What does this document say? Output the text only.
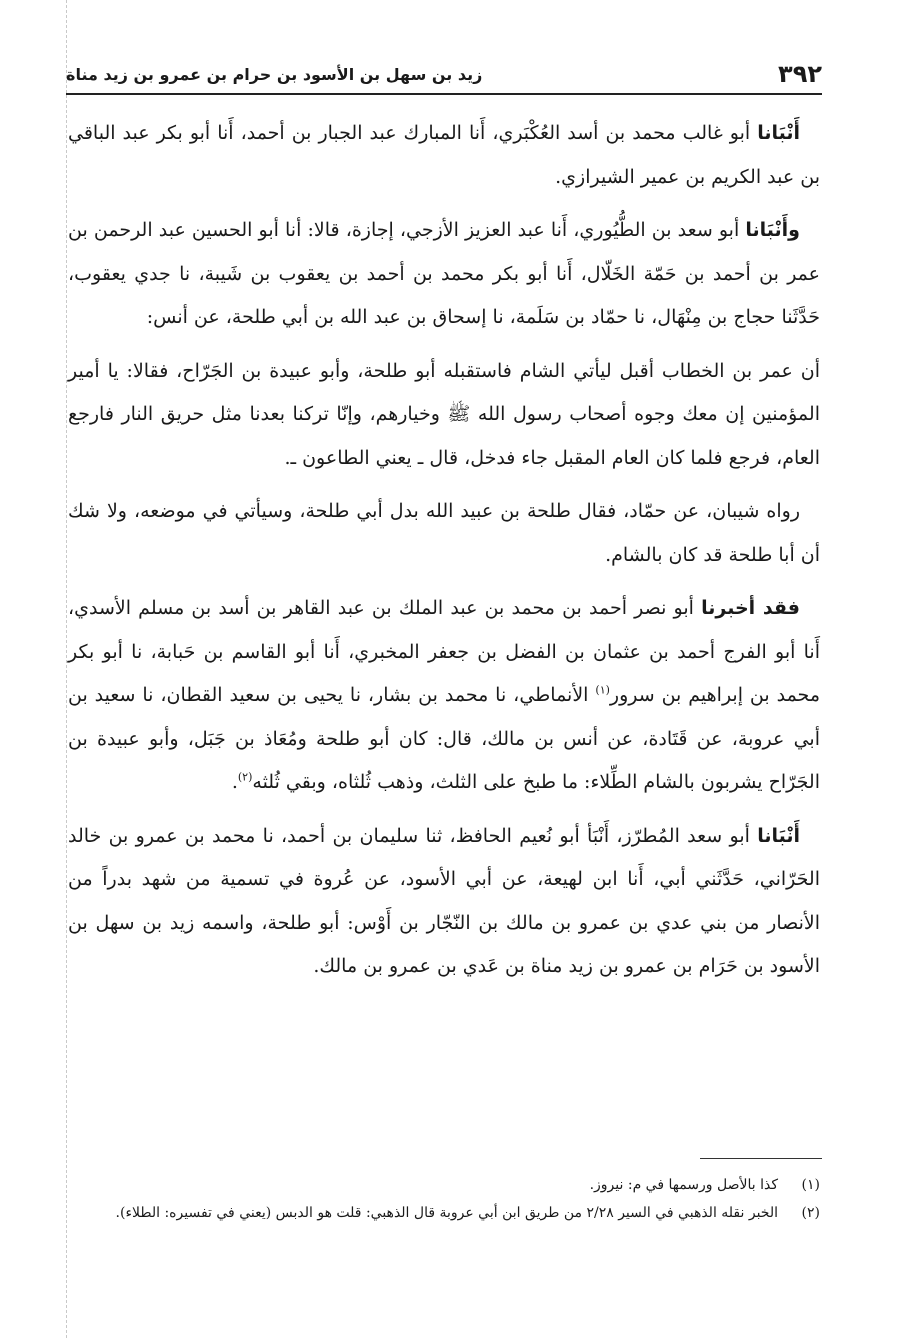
٣٩٢
زيد بن سهل بن الأسود بن حرام بن عمرو بن زيد مناة

أَنْبَانا أبو غالب محمد بن أسد العُكْبَري، أَنا المبارك عبد الجبار بن أحمد، أَنا أبو بكر عبد الباقي بن عبد الكريم بن عمير الشيرازي.

وأَنْبَانا أبو سعد بن الطُّيُوري، أَنا عبد العزيز الأزجي، إجازة، قالا: أنا أبو الحسين عبد الرحمن بن عمر بن أحمد بن حَمّة الخَلّال، أَنا أبو بكر محمد بن أحمد بن يعقوب بن شَيبة، نا جدي يعقوب، حَدَّثَنا حجاج بن مِنْهَال، نا حمّاد بن سَلَمة، نا إسحاق بن عبد الله بن أبي طلحة، عن أنس:

أن عمر بن الخطاب أقبل ليأتي الشام فاستقبله أبو طلحة، وأبو عبيدة بن الجَرّاح، فقالا: يا أمير المؤمنين إن معك وجوه أصحاب رسول الله ﷺ وخيارهم، وإنّا تركنا بعدنا مثل حريق النار فارجع العام، فرجع فلما كان العام المقبل جاء فدخل، قال ـ يعني الطاعون ـ.

رواه شيبان، عن حمّاد، فقال طلحة بن عبيد الله بدل أبي طلحة، وسيأتي في موضعه، ولا شك أن أبا طلحة قد كان بالشام.

فقد أخبرنا أبو نصر أحمد بن محمد بن عبد الملك بن عبد القاهر بن أسد بن مسلم الأسدي، أَنا أبو الفرج أحمد بن عثمان بن الفضل بن جعفر المخبري، أَنا أبو القاسم بن حَبابة، نا أبو بكر محمد بن إبراهيم بن سرور$^{(١)}$ الأنماطي، نا محمد بن بشار، نا يحيى بن سعيد القطان، نا سعيد بن أبي عروبة، عن قَتَادة، عن أنس بن مالك، قال: كان أبو طلحة ومُعَاذ بن جَبَل، وأبو عبيدة بن الجَرّاح يشربون بالشام الطِّلاء: ما طبخ على الثلث، وذهب ثُلثاه، وبقي ثُلثه$^{(٢)}$.

أَنْبَانا أبو سعد المُطرّز، أَنْبَأ أبو نُعيم الحافظ، ثنا سليمان بن أحمد، نا محمد بن عمرو بن خالد الحَرّاني، حَدَّثَني أبي، أَنا ابن لهيعة، عن أبي الأسود، عن عُروة في تسمية من شهد بدراً من الأنصار من بني عدي بن عمرو بن مالك بن النّجّار بن أَوْس: أبو طلحة، واسمه زيد بن سهل بن الأسود بن حَرَام بن عمرو بن زيد مناة بن عَدي بن عمرو بن مالك.

(١)
كذا بالأصل ورسمها في م: نيروز.

(٢)
الخبر نقله الذهبي في السير ٢/٢٨ من طريق ابن أبي عروبة قال الذهبي: قلت هو الدبس (يعني في تفسيره: الطلاء).
